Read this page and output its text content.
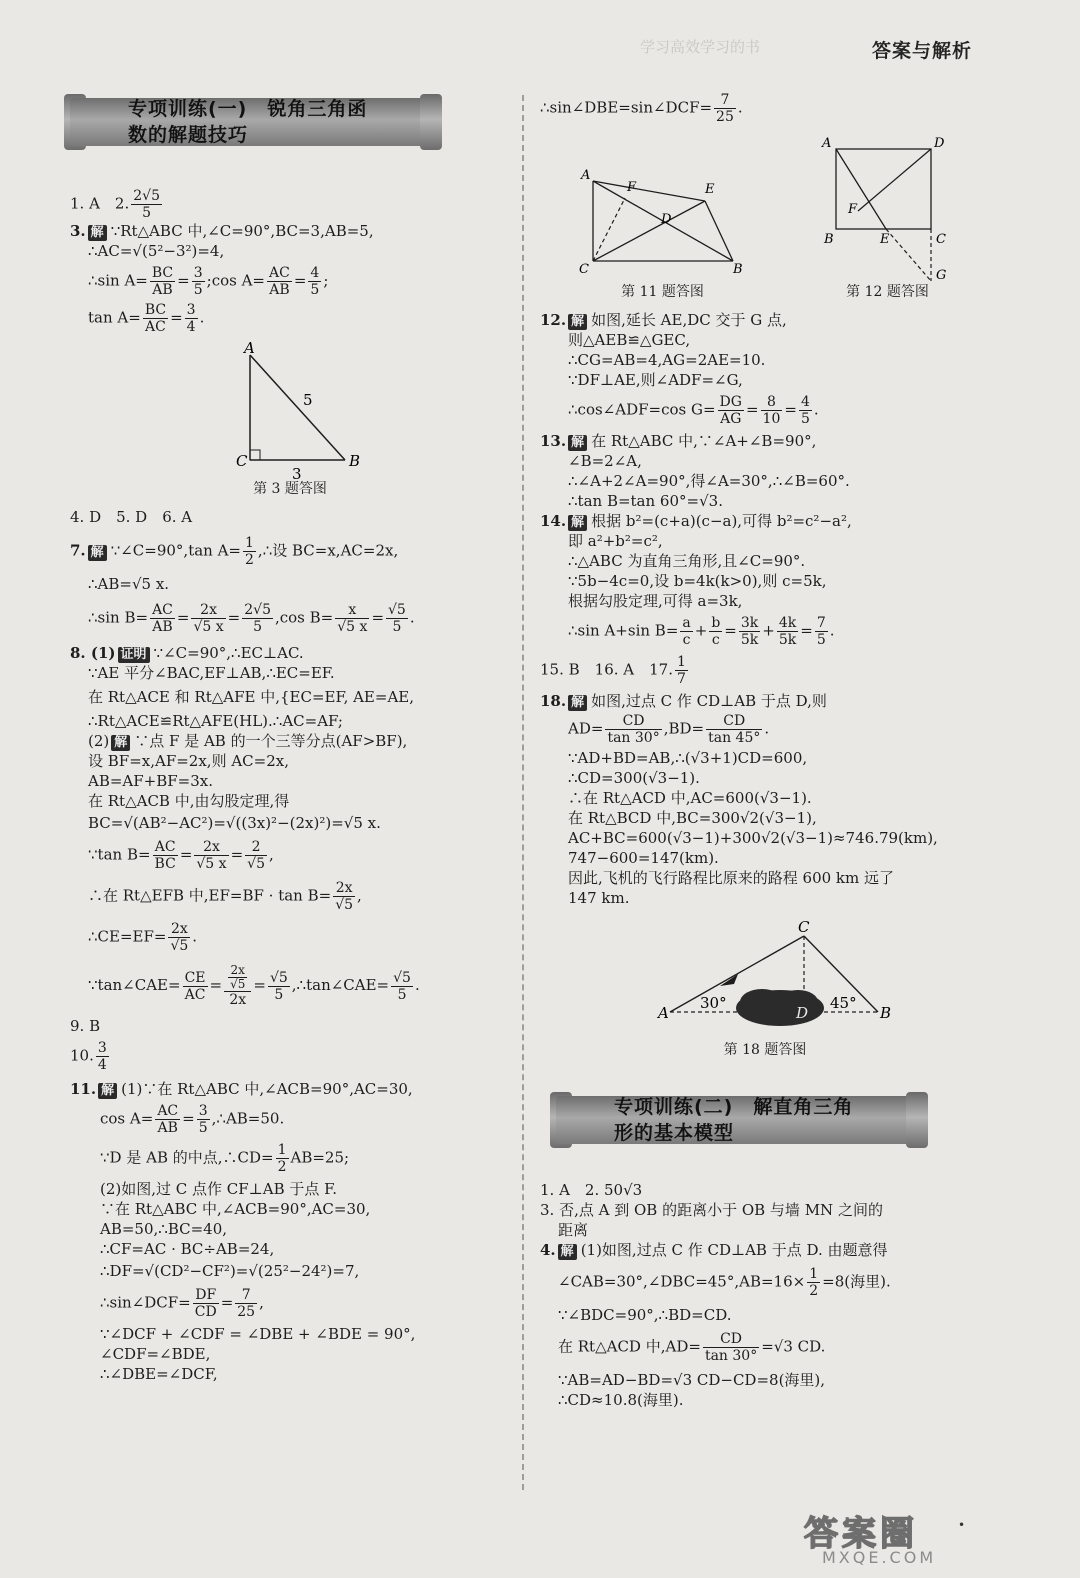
学习高效学习的书	答案与解析
专项训练(一)　锐角三角函
数的解题技巧
1. A　2. $\frac{2√5}{5}$
3. 解 ∵Rt△ABC 中,∠C=90°,BC=3,AB=5,
∴AC=√(5²−3²)=4,
∴sin $A= \frac{BC}{AB} = \frac{3}{5}$ ;cos $A= \frac{AC}{AB} = \frac{4}{5}$ ;
$\tan A= \frac{BC}{AC} = \frac{3}{4}$ .
A
C	B
5
3
第 3 题答图
4. D　5. D　6. A
7. 解 ∵∠C=90°,tan $A= \frac{1}{2}$ ,∴设 BC=x,AC=2x,
∴AB=√5 x.
∴sin $B= \frac{AC}{AB} = \frac{2x}{√5 x} = \frac{2√5}{5} ,\cos$ $B= \frac{x}{√5 x} = \frac{√5}{5}$ .
8. (1) 证明 ∵∠C=90°,∴EC⊥AC.
∵AE 平分∠BAC,EF⊥AB,∴EC=EF.
在 Rt△ACE 和 Rt△AFE 中,{EC=EF, AE=AE,
∴Rt△ACE≌Rt△AFE(HL).∴AC=AF;
(2) 解 ∵点 F 是 AB 的一个三等分点(AF>BF),
设 BF=x,AF=2x,则 AC=2x,
AB=AF+BF=3x.
在 Rt△ACB 中,由勾股定理,得
BC=√(AB²−AC²)=√((3x)²−(2x)²)=√5 x.
∵tan $B= \frac{AC}{BC} = \frac{2x}{√5 x} = \frac{2}{√5}$ ,
∴在 Rt△EFB 中$,EF=BF \cdot \tan B= \frac{2x}{√5}$ ,
∴CE=EF= $\frac{2x}{√5}$ .
∵tan∠CAE= $\frac{CE}{AC} = \frac{\frac{2x}{√5}}{2x} = \frac{√5}{5}$ ,∴tan∠CAE= $\frac{√5}{5}$ .
9. B
10. $\frac{3}{4}$
11. 解 (1)∵在 Rt△ABC 中,∠ACB=90°,AC=30,
$\cos A= \frac{AC}{AB} = \frac{3}{5}$ ,∴AB=50.
∵D 是 AB 的中点,∴CD= $\frac{1}{2} AB=25$;
(2)如图,过 C 点作 CF⊥AB 于点 F.
∵在 Rt△ABC 中,∠ACB=90°,AC=30,
AB=50,∴BC=40,
∴CF=AC · BC÷AB=24,
∴DF=√(CD²−CF²)=√(25²−24²)=7,
∴sin∠DCF= $\frac{DF}{CD} = \frac{7}{25}$ ,
∵∠DCF + ∠CDF = ∠DBE + ∠BDE = 90°,
∠CDF=∠BDE,
∴∠DBE=∠DCF,
∴sin∠DBE=sin∠DCF= $\frac{7}{25}$ .
A
F
D
E
C	B
第 11 题答图
A	D
F
B	E	C
G
第 12 题答图
12. 解 如图,延长 AE,DC 交于 G 点,
则△AEB≌△GEC,
∴CG=AB=4,AG=2AE=10.
∵DF⊥AE,则∠ADF=∠G,
∴cos∠ADF=cos $G= \frac{DG}{AG} = \frac{8}{10} = \frac{4}{5}$ .
13. 解 在 Rt△ABC 中,∵∠A+∠B=90°,
∠B=2∠A,
∴∠A+2∠A=90°,得∠A=30°,∴∠B=60°.
∴tan B=tan 60°=√3.
14. 解 根据 b²=(c+a)(c−a),可得 b²=c²−a²,
即 a²+b²=c²,
∴△ABC 为直角三角形,且∠C=90°.
∵5b−4c=0,设 b=4k(k>0),则 c=5k,
根据勾股定理,可得 a=3k,
∴sin A+sin $B= \frac{a}{c} + \frac{b}{c} = \frac{3k}{5k} + \frac{4k}{5k} = \frac{7}{5}$ .
15. B　16. A　17. $\frac{1}{7}$
18. 解 如图,过点 C 作 CD⊥AB 于点 D,则
$AD= \frac{CD}{\tan 30^\circ} ,BD= \frac{CD}{\tan 45^\circ}$ .
∵AD+BD=AB,∴(√3+1)CD=600,
∴CD=300(√3−1).
∴在 Rt△ACD 中,AC=600(√3−1).
在 Rt△BCD 中,BC=300√2(√3−1),
AC+BC=600(√3−1)+300√2(√3−1)≈746.79(km),
747−600=147(km).
因此,飞机的飞行路程比原来的路程 600 km 远了
147 km.
C
A	B
D
30°	45°
第 18 题答图
专项训练(二)　解直角三角
形的基本模型
1. A　2. 50√3
3. 否,点 A 到 OB 的距离小于 OB 与墙 MN 之间的
距离
4. 解 (1)如图,过点 C 作 CD⊥AB 于点 D. 由题意得
∠CAB=30°,∠DBC=45°,AB=16× $\frac{1}{2} =8$(海里).
∵∠BDC=90°,∴BD=CD.
在 Rt△ACD 中$,AD= \frac{CD}{\tan 30^\circ} =√3$ CD.
∵AB=AD−BD=√3 CD−CD=8(海里),
∴CD≈10.8(海里).
•
答案圈
MXQE.COM
